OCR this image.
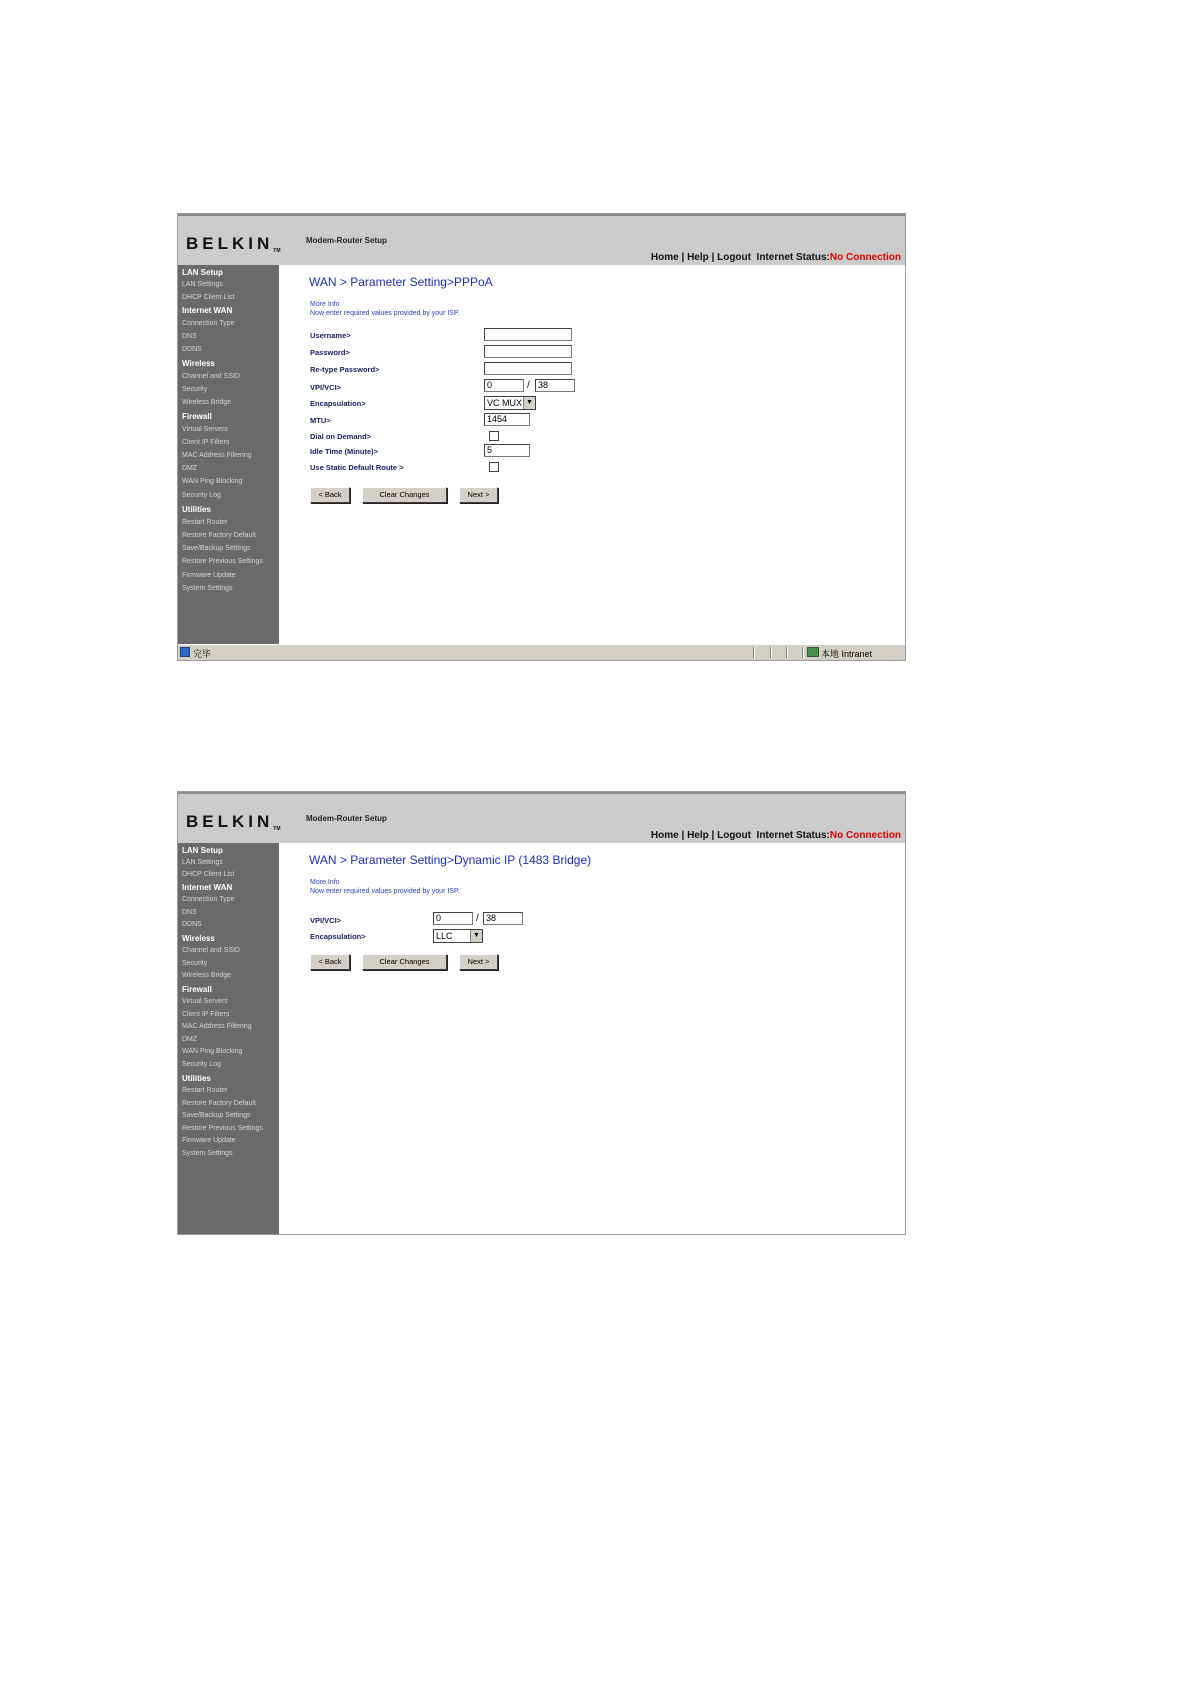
BELKINTM
Modem-Router Setup
Home | Help | Logout Internet Status:No Connection
LAN Setup
LAN Settings
DHCP Client List
Internet WAN
Connection Type
DNS
DDNS
Wireless
Channel and SSID
Security
Wireless Bridge
Firewall
Virtual Servers
Client IP Filters
MAC Address Filtering
DMZ
WAN Ping Blocking
Security Log
Utilities
Restart Router
Restore Factory Default
Save/Backup Settings
Restore Previous Settings
Firmware Update
System Settings
WAN > Parameter Setting>PPPoA
More Info
Now enter required values provided by your ISP.
Username>
Password>
Re-type Password>
VPI/VCI>	0	/ 38
Encapsulation>	VC MUX ▼
MTU>	1454
Dial on Demand>
Idle Time (Minute)>	5
Use Static Default Route >
< Back	Clear Changes	Next >
完毕	本地 Intranet
BELKINTM
Modem-Router Setup
Home | Help | Logout Internet Status:No Connection
LAN Setup
LAN Settings
DHCP Client List
Internet WAN
Connection Type
DNS
DDNS
Wireless
Channel and SSID
Security
Wireless Bridge
Firewall
Virtual Servers
Client IP Filters
MAC Address Filtering
DMZ
WAN Ping Blocking
Security Log
Utilities
Restart Router
Restore Factory Default
Save/Backup Settings
Restore Previous Settings
Firmware Update
System Settings
WAN > Parameter Setting>Dynamic IP (1483 Bridge)
More Info
Now enter required values provided by your ISP.
VPI/VCI>	0	/ 38
Encapsulation>	LLC	▼
< Back	Clear Changes	Next >
